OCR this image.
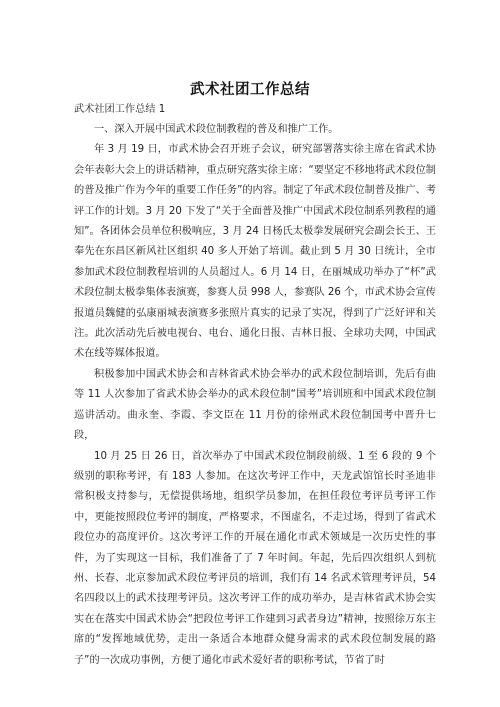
武术社团工作总结
武术社团工作总结 1

一、深入开展中国武术段位制教程的普及和推广工作。

年 3 月 19 日，市武术协会召开班子会议，研究部署落实徐主席在省武术协会年表彰大会上的讲话精神，重点研究落实徐主席：“要坚定不移地将武术段位制的普及推广作为今年的重要工作任务”的内容。制定了年武术段位制普及推广、考评工作的计划。3 月 20 下发了“关于全面普及推广中国武术段位制系列教程的通知”。各团体会员单位积极响应，3 月 24 日杨氏太极拳发展研究会副会长王、王奉先在东昌区新风社区组织 40 多人开始了培训。截止到 5 月 30 日统计，全市参加武术段位制教程培训的人员超过人。6 月 14 日，在丽城成功举办了“杯”武术段位制太极拳集体表演赛，参赛人员 998 人，参赛队 26 个，市武术协会宣传报道员魏健的弘康丽城表演赛多张照片真实的记录了实况，得到了广泛好评和关注。此次活动先后被电视台、电台、通化日报、吉林日报、全球功夫网，中国武术在线等媒体报道。

积极参加中国武术协会和吉林省武术协会举办的武术段位制培训，先后有曲等 11 人次参加了省武术协会举办的武术段位制“国考”培训班和中国武术段位制巡讲活动。曲永奎、李霞、李文臣在 11 月份的徐州武术段位制国考中晋升七段，

10 月 25 日 26 日，首次举办了中国武术段位制段前级、1 至 6 段的 9 个级别的职称考评，有 183 人参加。在这次考评工作中，天龙武馆馆长时圣迪非常积极支持参与，无偿提供场地，组织学员参加，在担任段位考评员考评工作中，更能按照段位考评的制度，严格要求，不图虚名，不走过场，得到了省武术段位办的高度评价。这次考评工作的开展在通化市武术领域是一次历史性的事件，为了实现这一目标，我们准备了了 7 年时间。年起，先后四次组织人到杭州、长春、北京参加武术段位考评员的培训，我们有 14 名武术管理考评员，54 名四段以上的武术技理考评员。这次考评工作的成功举办，是吉林省武术协会实实在在落实中国武术协会“把段位考评工作建到习武者身边”精神，按照徐万东主席的“发挥地域优势，走出一条适合本地群众健身需求的武术段位制发展的路子”的一次成功事例，方便了通化市武术爱好者的职称考试，节省了时
